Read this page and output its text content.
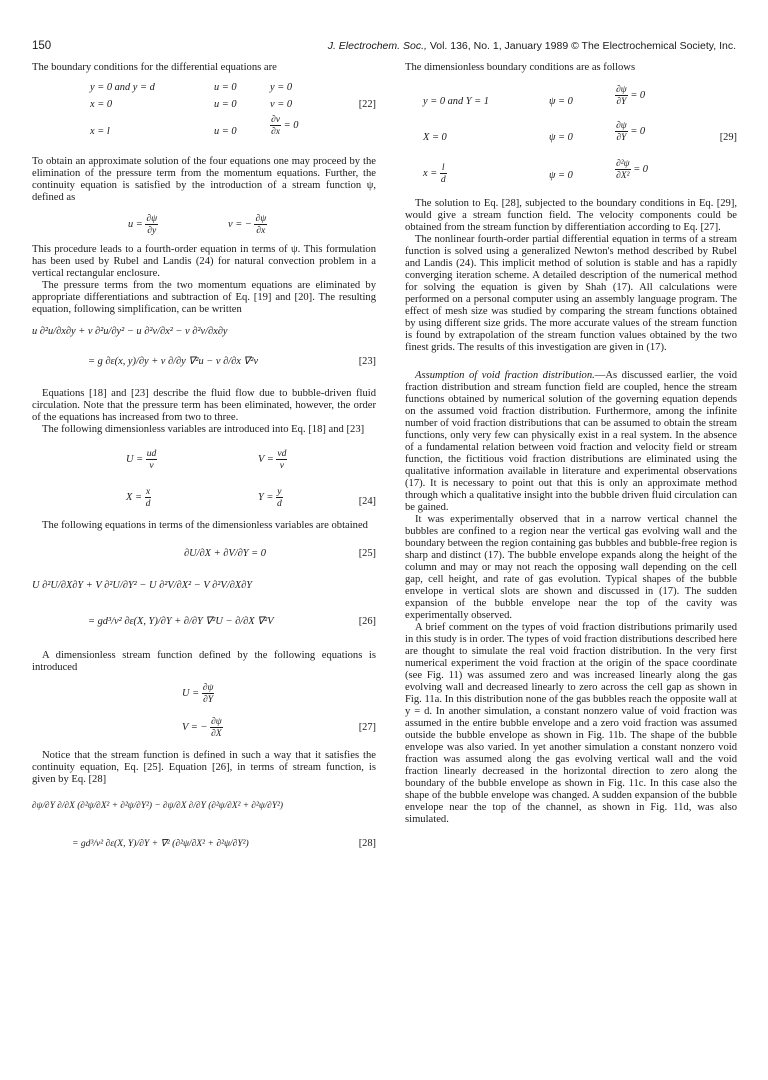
150	J. Electrochem. Soc., Vol. 136, No. 1, January 1989 © The Electrochemical Society, Inc.

The boundary conditions for the differential equations are

y = 0 and y = d	u = 0	y = 0
x = 0	u = 0	v = 0	[22]
x = l	u = 0	$\frac{\partial v}{\partial x} = 0$

To obtain an approximate solution of the four equations one may proceed by the elimination of the pressure term from the momentum equations. Further, the continuity equation is satisfied by the introduction of a stream function ψ, defined as

$u = \frac{\partial\psi}{\partial y}$	v = − $\frac{\partial\psi}{\partial x}$

This procedure leads to a fourth-order equation in terms of ψ. This formulation has been used by Rubel and Landis (24) for natural convection problem in a vertical rectangular enclosure.

The pressure terms from the two momentum equations are eliminated by appropriate differentiations and subtraction of Eq. [19] and [20]. The resulting equation, following simplification, can be written

u ∂²u/∂x∂y + v ∂²u/∂y² − u ∂²v/∂x² − v ∂²v/∂x∂y
= g ∂ε(x, y)/∂y + ν ∂/∂y ∇²u − ν ∂/∂x ∇²v	[23]

Equations [18] and [23] describe the fluid flow due to bubble-driven fluid circulation. Note that the pressure term has been eliminated, however, the order of the equations has increased from two to three.

The following dimensionless variables are introduced into Eq. [18] and [23]

$U = \frac{ud}{\nu}$	$V = \frac{vd}{\nu}$
$X = \frac{x}{d}$	$Y = \frac{y}{d}$	[24]

The following equations in terms of the dimensionless variables are obtained

∂U/∂X + ∂V/∂Y = 0	[25]
U ∂²U/∂X∂Y + V ∂²U/∂Y² − U ∂²V/∂X² − V ∂²V/∂X∂Y
= gd³/ν² ∂ε(X, Y)/∂Y + ∂/∂Y ∇²U − ∂/∂X ∇²V	[26]

A dimensionless stream function defined by the following equations is introduced

$U = \frac{\partial\psi}{\partial Y}$
V = − $\frac{\partial\psi}{\partial X}$	[27]

Notice that the stream function is defined in such a way that it satisfies the continuity equation, Eq. [25]. Equation [26], in terms of stream function, is given by Eq. [28]

∂ψ/∂Y ∂/∂X (∂²ψ/∂X² + ∂²ψ/∂Y²) − ∂ψ/∂X ∂/∂Y (∂²ψ/∂X² + ∂²ψ/∂Y²)
= gd³/ν² ∂ε(X, Y)/∂Y + ∇² (∂²ψ/∂X² + ∂²ψ/∂Y²)	[28]

The dimensionless boundary conditions are as follows

y = 0 and Y = 1	ψ = 0	$\frac{\partial\psi}{\partial Y} = 0$
X = 0	ψ = 0	$\frac{\partial\psi}{\partial Y} = 0$
[29]
$x = \frac{l}{d}$	ψ = 0	$\frac{\text{∂²ψ}}{\text{∂X²}} = 0$

The solution to Eq. [28], subjected to the boundary conditions in Eq. [29], would give a stream function field. The velocity components could be obtained from the stream function by differentiation according to Eq. [27].

The nonlinear fourth-order partial differential equation in terms of a stream function is solved using a generalized Newton's method described by Rubel and Landis (24). This implicit method of solution is stable and has a rapidly converging iteration scheme. A detailed description of the numerical method for solving the equation is given by Shah (17). All calculations were performed on a personal computer using an assembly language program. The effect of mesh size was studied by comparing the stream functions obtained by using different size grids. The more accurate values of the stream function is found by extrapolation of the stream function values obtained by the two finest grids. The results of this investigation are given in (17).

Assumption of void fraction distribution.—As discussed earlier, the void fraction distribution and stream function field are coupled, hence the stream functions obtained by numerical solution of the governing equation depends on the assumed void fraction distribution. Furthermore, among the infinite number of void fraction distributions that can be assumed to obtain the stream functions, only very few can physically exist in a real system. In the absence of a fundamental relation between void fraction and velocity field or stream function, the fictitious void fraction distributions are eliminated using the qualitative information available in literature and experimental observations (17). It is necessary to point out that this is only an approximate method through which a qualitative insight into the bubble driven fluid circulation can be gained.

It was experimentally observed that in a narrow vertical channel the bubbles are confined to a region near the vertical gas evolving wall and the boundary between the region containing gas bubbles and bubble-free region is sharp and distinct (17). The bubble envelope expands along the height of the column and may or may not reach the opposing wall depending on the cell gap, cell height, and rate of gas evolution. Typical shapes of the bubble envelope in vertical slots are shown and discussed in (17). The sudden expansion of the bubble envelope near the top of the cavity was experimentally observed.

A brief comment on the types of void fraction distributions primarily used in this study is in order. The types of void fraction distributions described here are thought to simulate the real void fraction distribution. In the very first numerical experiment the void fraction at the origin of the space coordinate (see Fig. 11) was assumed zero and was increased linearly along the gas evolving wall and decreased linearly to zero across the cell gap as shown in Fig. 11a. In this distribution none of the gas bubbles reach the opposite wall at y = d. In another simulation, a constant nonzero value of void fraction was assumed in the entire bubble envelope and a zero void fraction was assumed outside the bubble envelope as shown in Fig. 11b. The shape of the bubble envelope was also varied. In yet another simulation a constant nonzero void fraction was assumed along the gas evolving vertical wall and the void fraction linearly decreased in the horizontal direction to zero along the boundary of the bubble envelope as shown in Fig. 11c. In this case also the shape of the bubble envelope was changed. A sudden expansion of the bubble envelope near the top of the channel, as shown in Fig. 11d, was also simulated.
